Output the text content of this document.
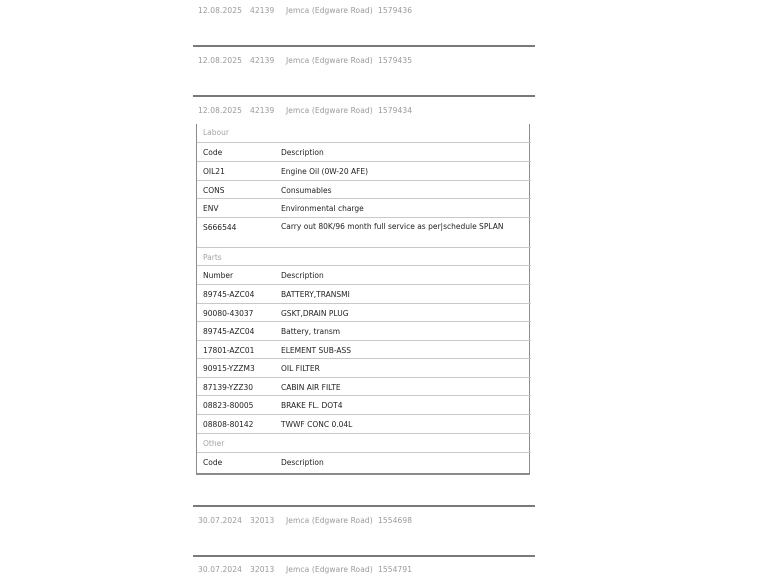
12.08.2025 42139 Jemca (Edgware Road) 1579436
12.08.2025 42139 Jemca (Edgware Road) 1579435
12.08.2025 42139 Jemca (Edgware Road) 1579434
Labour
Code	Description
OIL21	Engine Oil (0W-20 AFE)
CONS	Consumables
ENV	Environmental charge
S666544	Carry out 80K/96 month full service as per|schedule SPLAN
Parts
Number	Description
89745-AZC04	BATTERY,TRANSMI
90080-43037	GSKT,DRAIN PLUG
89745-AZC04	Battery, transm
17801-AZC01	ELEMENT SUB-ASS
90915-YZZM3	OIL FILTER
87139-YZZ30	CABIN AIR FILTE
08823-80005	BRAKE FL. DOT4
08808-80142	TWWF CONC 0.04L
Other
Code	Description
30.07.2024 32013 Jemca (Edgware Road) 1554698
30.07.2024 32013 Jemca (Edgware Road) 1554791
